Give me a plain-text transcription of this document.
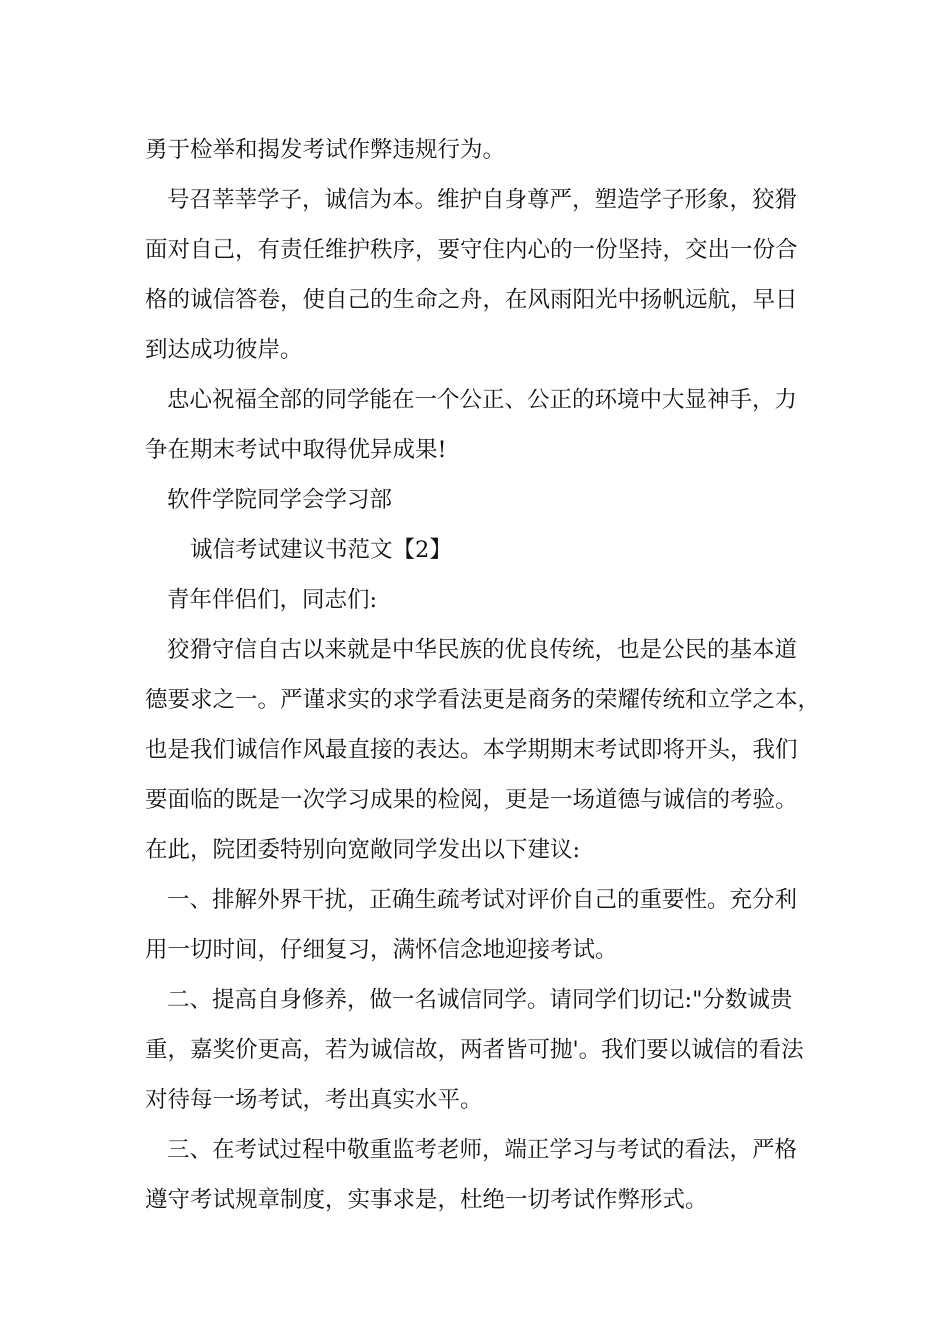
勇于检举和揭发考试作弊违规行为。
号召莘莘学子，诚信为本。维护自身尊严，塑造学子形象，狡猾
面对自己，有责任维护秩序，要守住内心的一份坚持，交出一份合
格的诚信答卷，使自己的生命之舟，在风雨阳光中扬帆远航，早日
到达成功彼岸。
忠心祝福全部的同学能在一个公正、公正的环境中大显神手，力
争在期末考试中取得优异成果!
软件学院同学会学习部
诚信考试建议书范文【2】
青年伴侣们，同志们:
狡猾守信自古以来就是中华民族的优良传统，也是公民的基本道
德要求之一。严谨求实的求学看法更是商务的荣耀传统和立学之本，
也是我们诚信作风最直接的表达。本学期期末考试即将开头，我们
要面临的既是一次学习成果的检阅，更是一场道德与诚信的考验。
在此，院团委特别向宽敞同学发出以下建议:
一、排解外界干扰，正确生疏考试对评价自己的重要性。充分利
用一切时间，仔细复习，满怀信念地迎接考试。
二、提高自身修养，做一名诚信同学。请同学们切记:"分数诚贵
重，嘉奖价更高，若为诚信故，两者皆可抛'。我们要以诚信的看法
对待每一场考试，考出真实水平。
三、在考试过程中敬重监考老师，端正学习与考试的看法，严格
遵守考试规章制度，实事求是，杜绝一切考试作弊形式。
